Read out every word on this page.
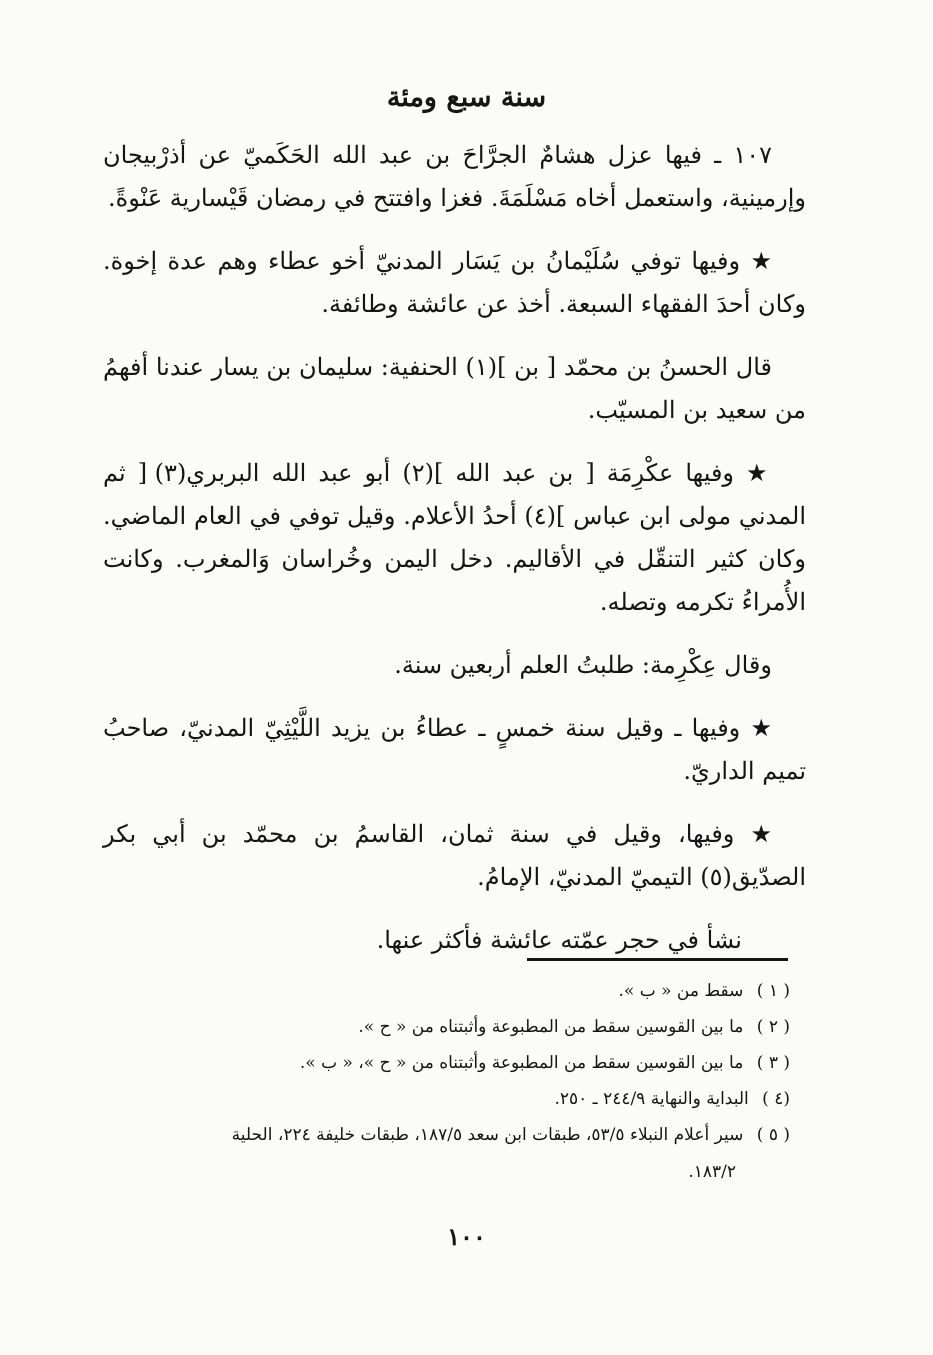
سنة سبع ومئة

١٠٧ ـ فيها عزل هشامٌ الجرَّاحَ بن عبد الله الحَكَميّ عن أذرْبيجان وإرمينية، واستعمل أخاه مَسْلَمَةَ. فغزا وافتتح في رمضان قَيْسارية عَنْوةً.

★ وفيها توفي سُلَيْمانُ بن يَسَار المدنيّ أخو عطاء وهم عدة إخوة. وكان أحدَ الفقهاء السبعة. أخذ عن عائشة وطائفة.

قال الحسنُ بن محمّد [ بن ](١) الحنفية: سليمان بن يسار عندنا أفهمُ من سعيد بن المسيّب.

★ وفيها عكْرِمَة [ بن عبد الله ](٢) أبو عبد الله البربري(٣) [ ثم المدني مولى ابن عباس ](٤) أحدُ الأعلام. وقيل توفي في العام الماضي. وكان كثير التنقّل في الأقاليم. دخل اليمن وخُراسان وَالمغرب. وكانت الأُمراءُ تكرمه وتصله.

وقال عِكْرِمة: طلبتُ العلم أربعين سنة.

★ وفيها ـ وقيل سنة خمسٍ ـ عطاءُ بن يزيد اللَّيْثِيّ المدنيّ، صاحبُ تميم الداريّ.

★ وفيها، وقيل في سنة ثمان، القاسمُ بن محمّد بن أبي بكر الصدّيق(٥) التيميّ المدنيّ، الإمامُ.

نشأ في حجر عمّته عائشة فأكثر عنها.

( ١ ) سقط من « ب ».
( ٢ ) ما بين القوسين سقط من المطبوعة وأثبتناه من « ح ».
( ٣ ) ما بين القوسين سقط من المطبوعة وأثبتناه من « ح »، « ب ».
(٤ ) البداية والنهاية ٢٤٤/٩ ـ ٢٥٠.
( ٥ ) سير أعلام النبلاء ٥٣/٥، طبقات ابن سعد ١٨٧/٥، طبقات خليفة ٢٢٤، الحلية
١٨٣/٢.
١٠٠
